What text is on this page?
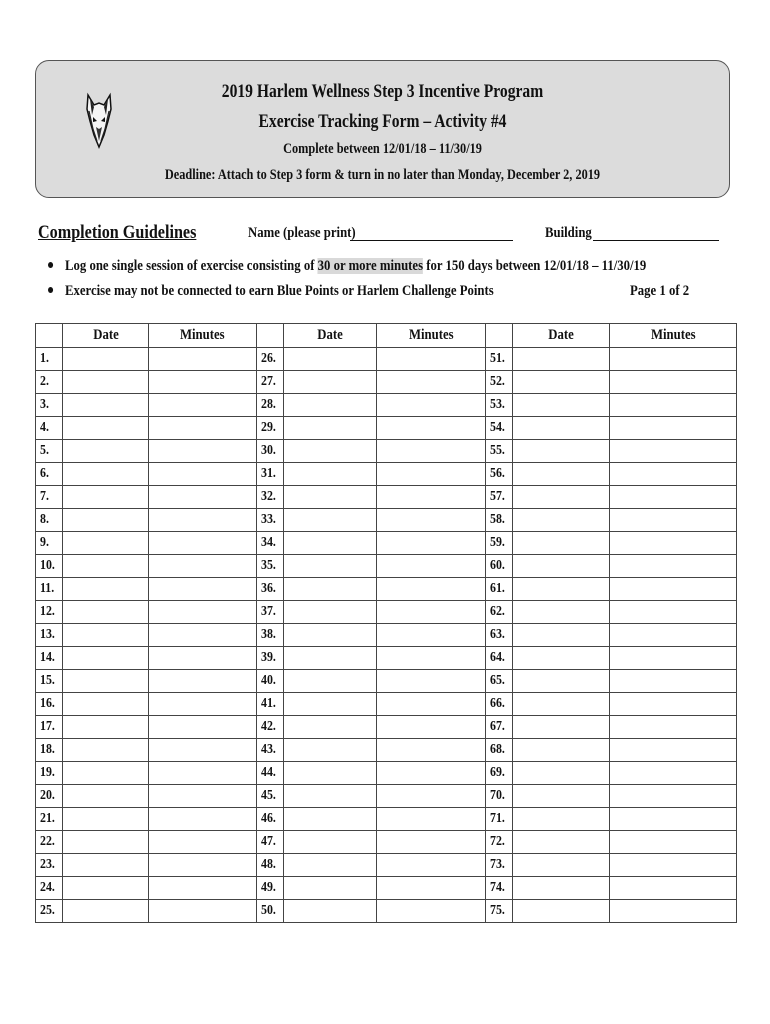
2019 Harlem Wellness Step 3 Incentive Program
Exercise Tracking Form – Activity #4
Complete between 12/01/18 – 11/30/19
Deadline: Attach to Step 3 form & turn in no later than Monday, December 2, 2019
Completion Guidelines	Name (please print)	Building
Log one single session of exercise consisting of 30 or more minutes for 150 days between 12/01/18 – 11/30/19
Exercise may not be connected to earn Blue Points or Harlem Challenge Points	Page 1 of 2
	Date	Minutes		Date	Minutes		Date	Minutes
1.			26.			51.		
2.			27.			52.		
3.			28.			53.		
4.			29.			54.		
5.			30.			55.		
6.			31.			56.		
7.			32.			57.		
8.			33.			58.		
9.			34.			59.		
10.			35.			60.		
11.			36.			61.		
12.			37.			62.		
13.			38.			63.		
14.			39.			64.		
15.			40.			65.		
16.			41.			66.		
17.			42.			67.		
18.			43.			68.		
19.			44.			69.		
20.			45.			70.		
21.			46.			71.		
22.			47.			72.		
23.			48.			73.		
24.			49.			74.		
25.			50.			75.		
